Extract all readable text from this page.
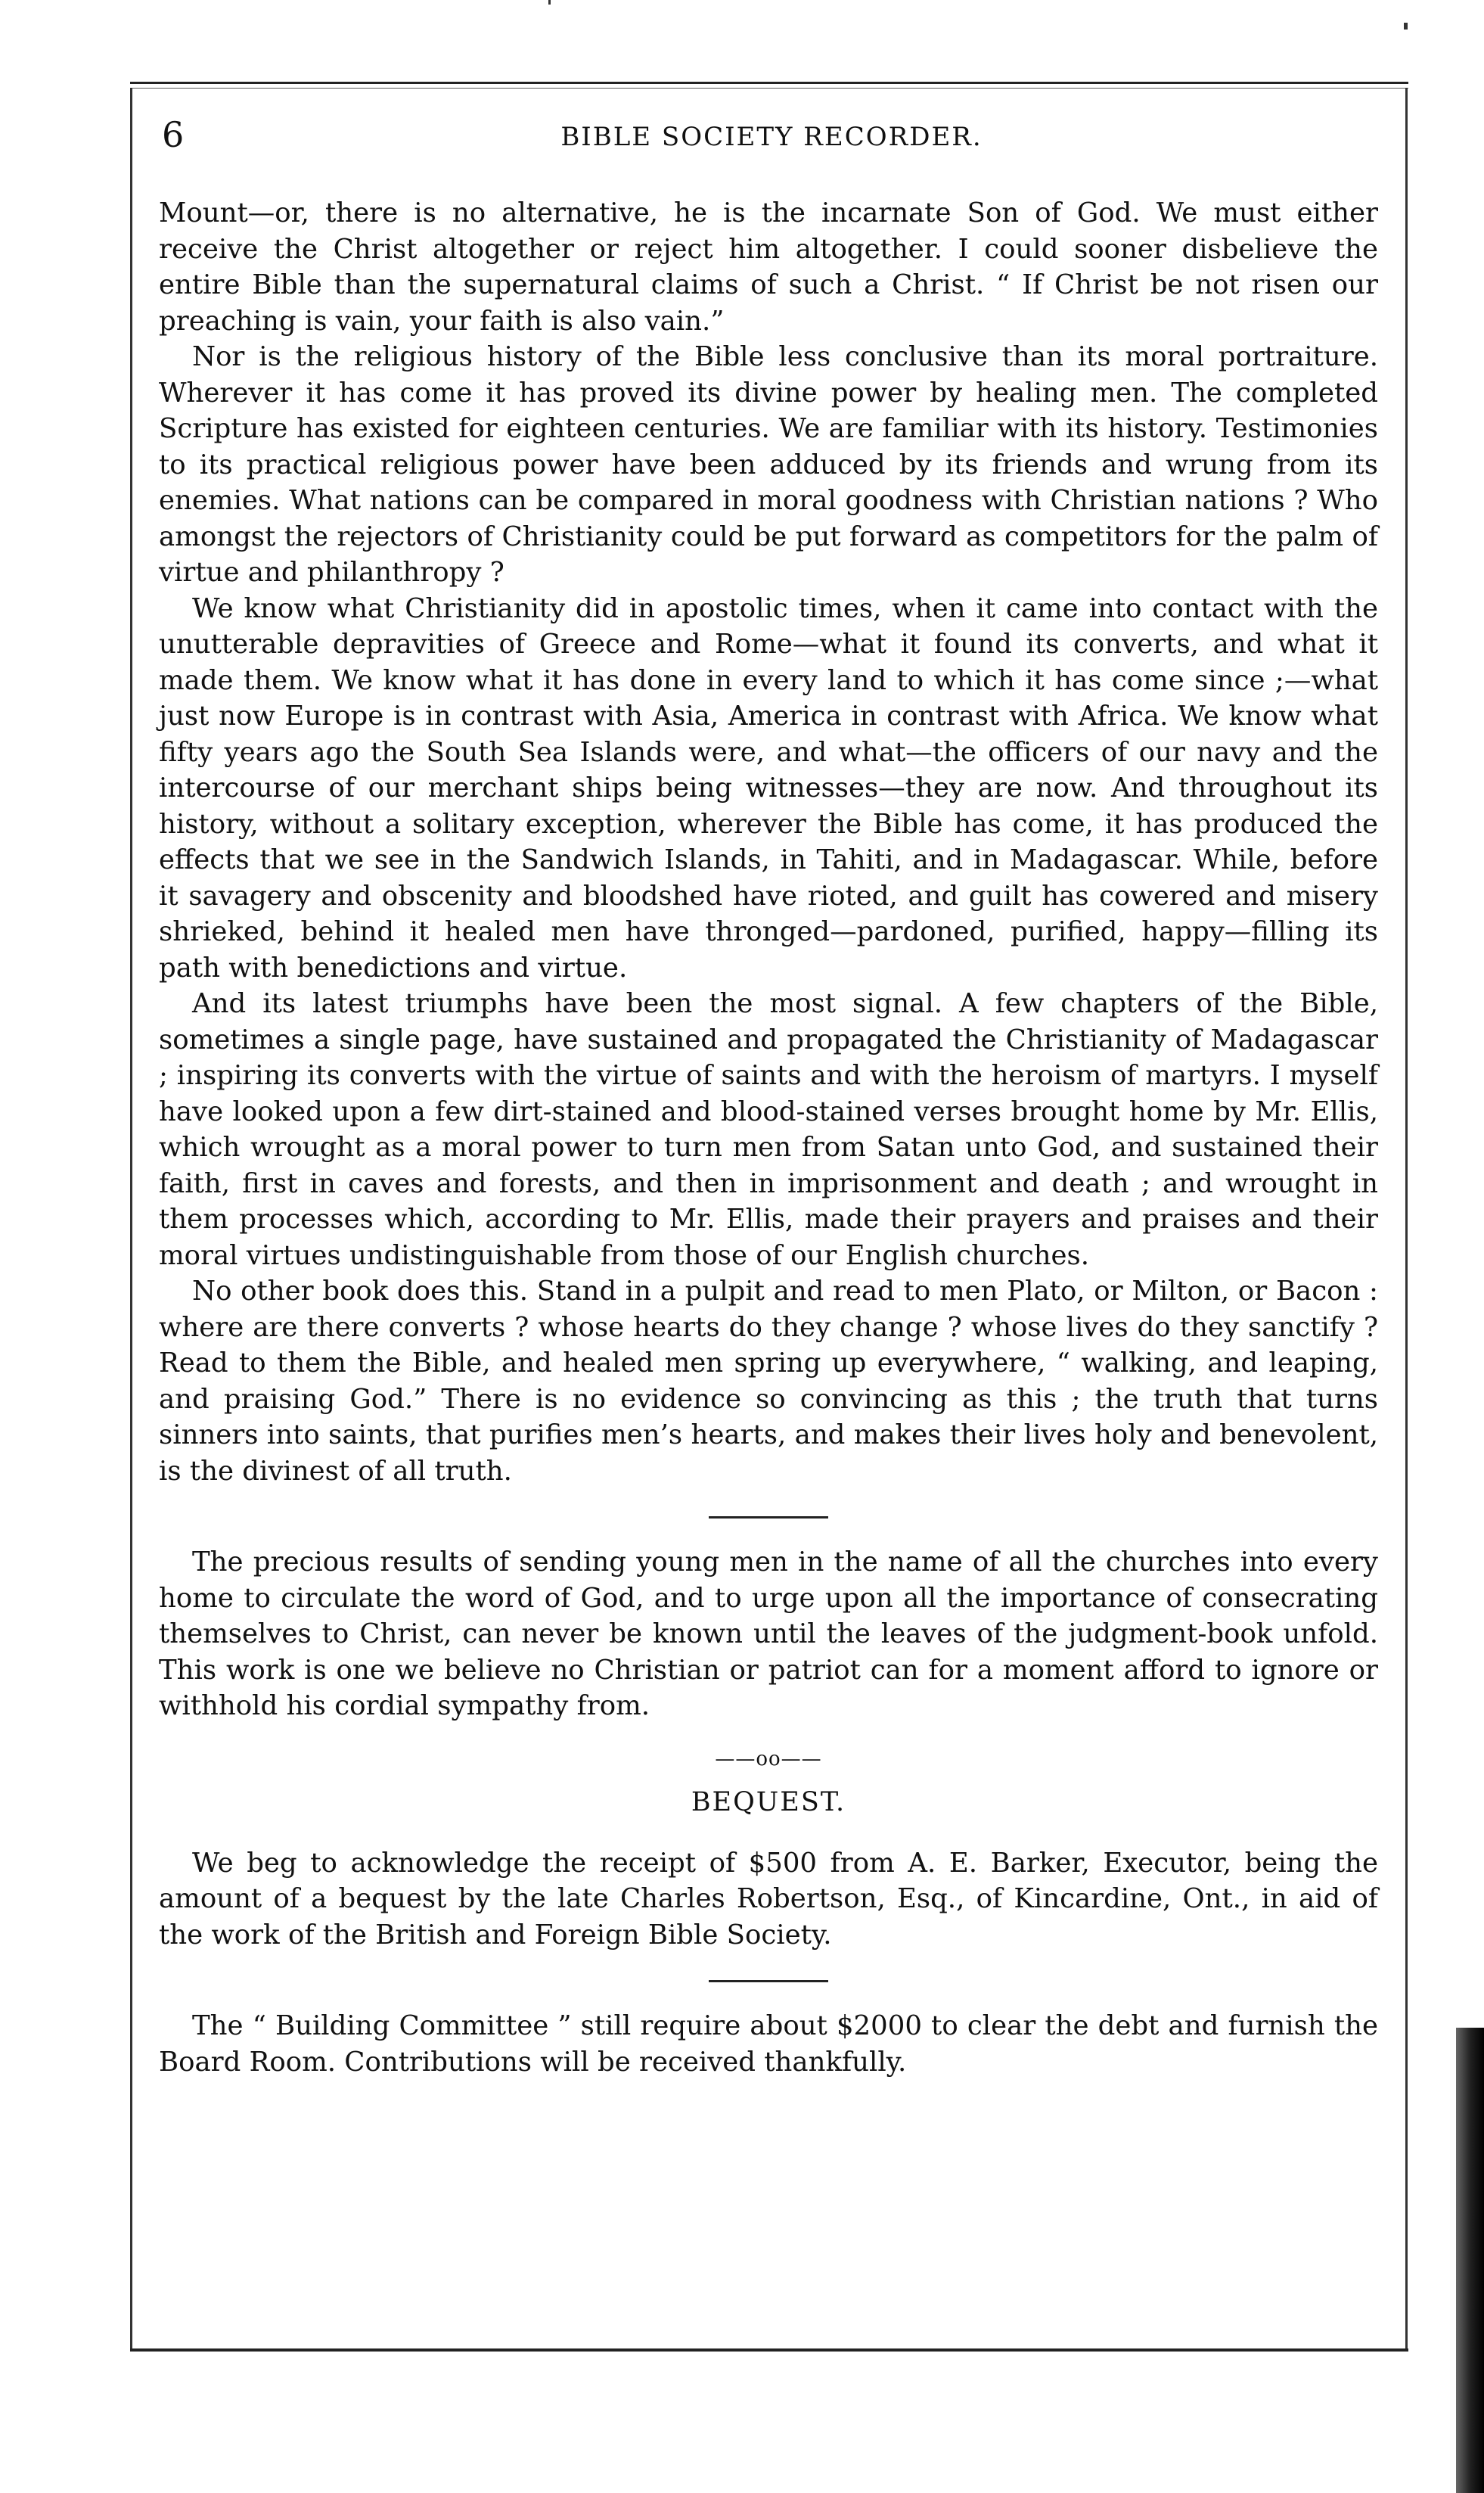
6	BIBLE SOCIETY RECORDER.

Mount—or, there is no alternative, he is the incarnate Son of God. We must either receive the Christ altogether or reject him altogether. I could sooner disbelieve the entire Bible than the supernatural claims of such a Christ. “ If Christ be not risen our preaching is vain, your faith is also vain.”

Nor is the religious history of the Bible less conclusive than its moral portraiture. Wherever it has come it has proved its divine power by healing men. The completed Scripture has existed for eighteen centuries. We are familiar with its history. Testimonies to its practical religious power have been adduced by its friends and wrung from its enemies. What nations can be compared in moral goodness with Christian nations ? Who amongst the rejectors of Christianity could be put forward as competitors for the palm of virtue and philanthropy ?

We know what Christianity did in apostolic times, when it came into contact with the unutterable depravities of Greece and Rome—what it found its converts, and what it made them. We know what it has done in every land to which it has come since ;—what just now Europe is in contrast with Asia, America in contrast with Africa. We know what fifty years ago the South Sea Islands were, and what—the officers of our navy and the intercourse of our merchant ships being witnesses—they are now. And throughout its history, without a solitary exception, wherever the Bible has come, it has produced the effects that we see in the Sandwich Islands, in Tahiti, and in Madagascar. While, before it savagery and obscenity and bloodshed have rioted, and guilt has cowered and misery shrieked, behind it healed men have thronged—pardoned, purified, happy—filling its path with benedictions and virtue.

And its latest triumphs have been the most signal. A few chapters of the Bible, sometimes a single page, have sustained and propagated the Christianity of Madagascar ; inspiring its converts with the virtue of saints and with the heroism of martyrs. I myself have looked upon a few dirt-stained and blood-stained verses brought home by Mr. Ellis, which wrought as a moral power to turn men from Satan unto God, and sustained their faith, first in caves and forests, and then in imprisonment and death ; and wrought in them processes which, according to Mr. Ellis, made their prayers and praises and their moral virtues undistinguishable from those of our English churches.

No other book does this. Stand in a pulpit and read to men Plato, or Milton, or Bacon : where are there converts ? whose hearts do they change ? whose lives do they sanctify ? Read to them the Bible, and healed men spring up everywhere, “ walking, and leaping, and praising God.” There is no evidence so convincing as this ; the truth that turns sinners into saints, that purifies men’s hearts, and makes their lives holy and benevolent, is the divinest of all truth.

The precious results of sending young men in the name of all the churches into every home to circulate the word of God, and to urge upon all the importance of consecrating themselves to Christ, can never be known until the leaves of the judgment-book unfold. This work is one we believe no Christian or patriot can for a moment afford to ignore or withhold his cordial sympathy from.

——oo——
BEQUEST.

We beg to acknowledge the receipt of $500 from A. E. Barker, Executor, being the amount of a bequest by the late Charles Robertson, Esq., of Kincardine, Ont., in aid of the work of the British and Foreign Bible Society.

The “ Building Committee ” still require about $2000 to clear the debt and furnish the Board Room. Contributions will be received thankfully.
